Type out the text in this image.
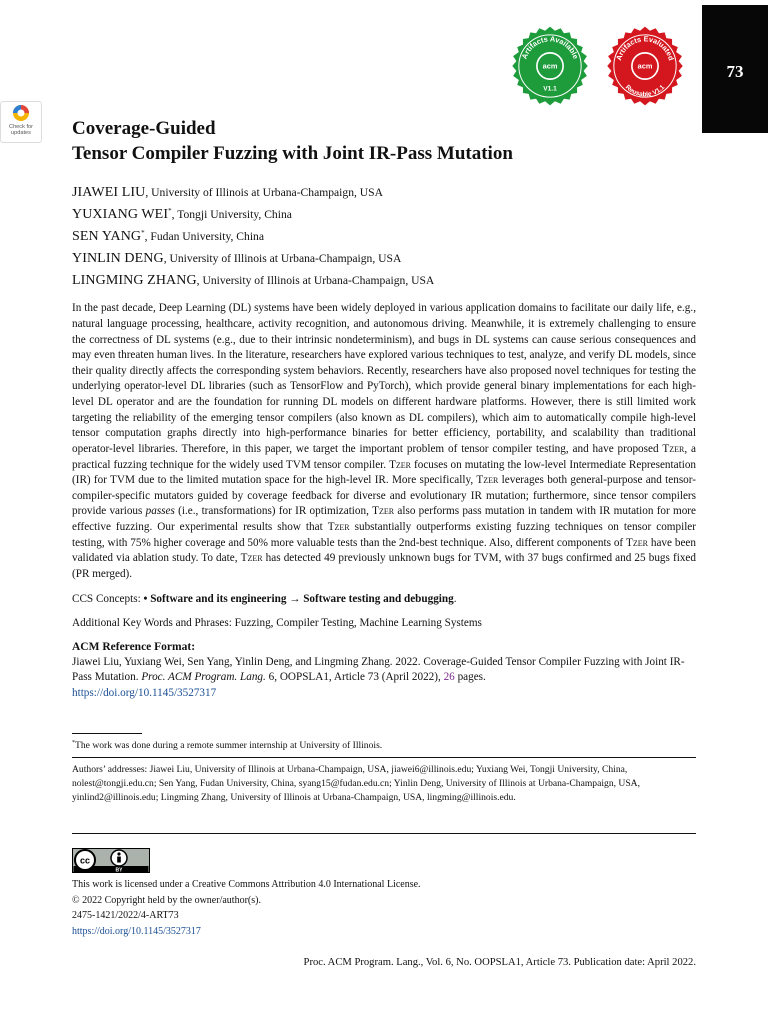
73
acm
Artifacts Available
V1.1
acm
Artifacts Evaluated
Reusable V1.1
Check for
updates	Coverage-Guided
Tensor Compiler Fuzzing with Joint IR-Pass Mutation
JIAWEI LIU, University of Illinois at Urbana-Champaign, USA
YUXIANG WEI*, Tongji University, China
SEN YANG*, Fudan University, China
YINLIN DENG, University of Illinois at Urbana-Champaign, USA
LINGMING ZHANG, University of Illinois at Urbana-Champaign, USA

In the past decade, Deep Learning (DL) systems have been widely deployed in various application domains to facilitate our daily life, e.g., natural language processing, healthcare, activity recognition, and autonomous driving. Meanwhile, it is extremely challenging to ensure the correctness of DL systems (e.g., due to their intrinsic nondeterminism), and bugs in DL systems can cause serious consequences and may even threaten human lives. In the literature, researchers have explored various techniques to test, analyze, and verify DL models, since their quality directly affects the corresponding system behaviors. Recently, researchers have also proposed novel techniques for testing the underlying operator-level DL libraries (such as TensorFlow and PyTorch), which provide general binary implementations for each high-level DL operator and are the foundation for running DL models on different hardware platforms. However, there is still limited work targeting the reliability of the emerging tensor compilers (also known as DL compilers), which aim to automatically compile high-level tensor computation graphs directly into high-performance binaries for better efficiency, portability, and scalability than traditional operator-level libraries. Therefore, in this paper, we target the important problem of tensor compiler testing, and have proposed Tzer, a practical fuzzing technique for the widely used TVM tensor compiler. Tzer focuses on mutating the low-level Intermediate Representation (IR) for TVM due to the limited mutation space for the high-level IR. More specifically, Tzer leverages both general-purpose and tensor-compiler-specific mutators guided by coverage feedback for diverse and evolutionary IR mutation; furthermore, since tensor compilers provide various passes (i.e., transformations) for IR optimization, Tzer also performs pass mutation in tandem with IR mutation for more effective fuzzing. Our experimental results show that Tzer substantially outperforms existing fuzzing techniques on tensor compiler testing, with 75% higher coverage and 50% more valuable tests than the 2nd-best technique. Also, different components of Tzer have been validated via ablation study. To date, Tzer has detected 49 previously unknown bugs for TVM, with 37 bugs confirmed and 25 bugs fixed (PR merged).

CCS Concepts: • Software and its engineering → Software testing and debugging.

Additional Key Words and Phrases: Fuzzing, Compiler Testing, Machine Learning Systems

ACM Reference Format:

Jiawei Liu, Yuxiang Wei, Sen Yang, Yinlin Deng, and Lingming Zhang. 2022. Coverage-Guided Tensor Compiler Fuzzing with Joint IR-Pass Mutation. Proc. ACM Program. Lang. 6, OOPSLA1, Article 73 (April 2022), 26 pages.
https://doi.org/10.1145/3527317

*The work was done during a remote summer internship at University of Illinois.
Authors’ addresses: Jiawei Liu, University of Illinois at Urbana-Champaign, USA, jiawei6@illinois.edu; Yuxiang Wei, Tongji University, China, nolest@tongji.edu.cn; Sen Yang, Fudan University, China, syang15@fudan.edu.cn; Yinlin Deng, University of Illinois at Urbana-Champaign, USA, yinlind2@illinois.edu; Lingming Zhang, University of Illinois at Urbana-Champaign, USA, lingming@illinois.edu.
cc
BY
This work is licensed under a Creative Commons Attribution 4.0 International License.
© 2022 Copyright held by the owner/author(s).
2475-1421/2022/4-ART73
https://doi.org/10.1145/3527317
Proc. ACM Program. Lang., Vol. 6, No. OOPSLA1, Article 73. Publication date: April 2022.
